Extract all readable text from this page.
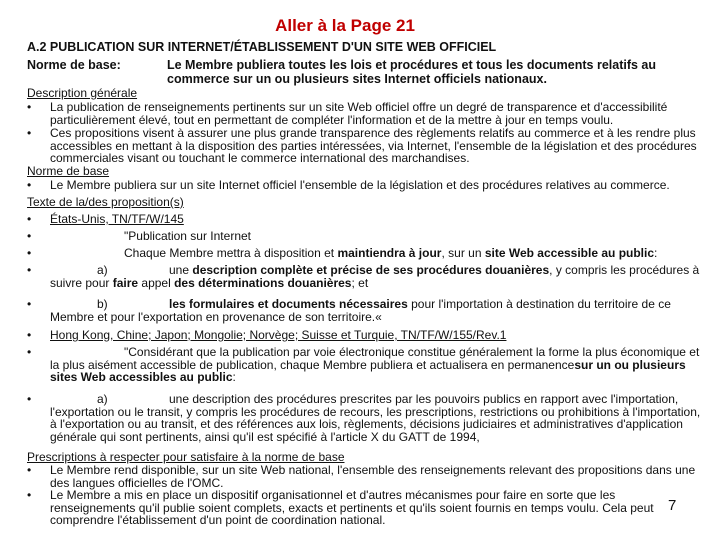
Aller à la Page 21
A.2 PUBLICATION SUR INTERNET/ÉTABLISSEMENT D'UN SITE WEB OFFICIEL
Norme de base:	Le Membre publiera toutes les lois et procédures et tous les documents relatifs au commerce sur un ou plusieurs sites Internet officiels nationaux.
Description générale
• La publication de renseignements pertinents sur un site Web officiel offre un degré de transparence et d'accessibilité particulièrement élevé, tout en permettant de compléter l'information et de la mettre à jour en temps voulu.
• Ces propositions visent à assurer une plus grande transparence des règlements relatifs au commerce et à les rendre plus accessibles en mettant à la disposition des parties intéressées, via Internet, l'ensemble de la législation et des procédures commerciales visant ou touchant le commerce international des marchandises.
Norme de base
• Le Membre publiera sur un site Internet officiel l'ensemble de la législation et des procédures relatives au commerce.
Texte de la/des proposition(s)
• États-Unis, TN/TF/W/145
•	"Publication sur Internet
•	Chaque Membre mettra à disposition et maintiendra à jour, sur un site Web accessible au public:
•	a)	une description complète et précise de ses procédures douanières, y compris les procédures à suivre pour faire appel des déterminations douanières; et
•	b)	les formulaires et documents nécessaires pour l'importation à destination du territoire de ce Membre et pour l'exportation en provenance de son territoire.«
• Hong Kong, Chine; Japon; Mongolie; Norvège; Suisse et Turquie, TN/TF/W/155/Rev.1
•	"Considérant que la publication par voie électronique constitue généralement la forme la plus économique et la plus aisément accessible de publication, chaque Membre publiera et actualisera en permanencesur un ou plusieurs sites Web accessibles au public:
•	a)	une description des procédures prescrites par les pouvoirs publics en rapport avec l'importation, l'exportation ou le transit, y compris les procédures de recours, les prescriptions, restrictions ou prohibitions à l'importation, à l'exportation ou au transit, et des références aux lois, règlements, décisions judiciaires et administratives d'application générale qui sont pertinents, ainsi qu'il est spécifié à l'article X du GATT de 1994,
Prescriptions à respecter pour satisfaire à la norme de base
• Le Membre rend disponible, sur un site Web national, l'ensemble des renseignements relevant des propositions dans une des langues officielles de l'OMC.
• Le Membre a mis en place un dispositif organisationnel et d'autres mécanismes pour faire en sorte que les renseignements qu'il publie soient complets, exacts et pertinents et qu'ils soient fournis en temps voulu. Cela peut comprendre l'établissement d'un point de coordination national.
7
